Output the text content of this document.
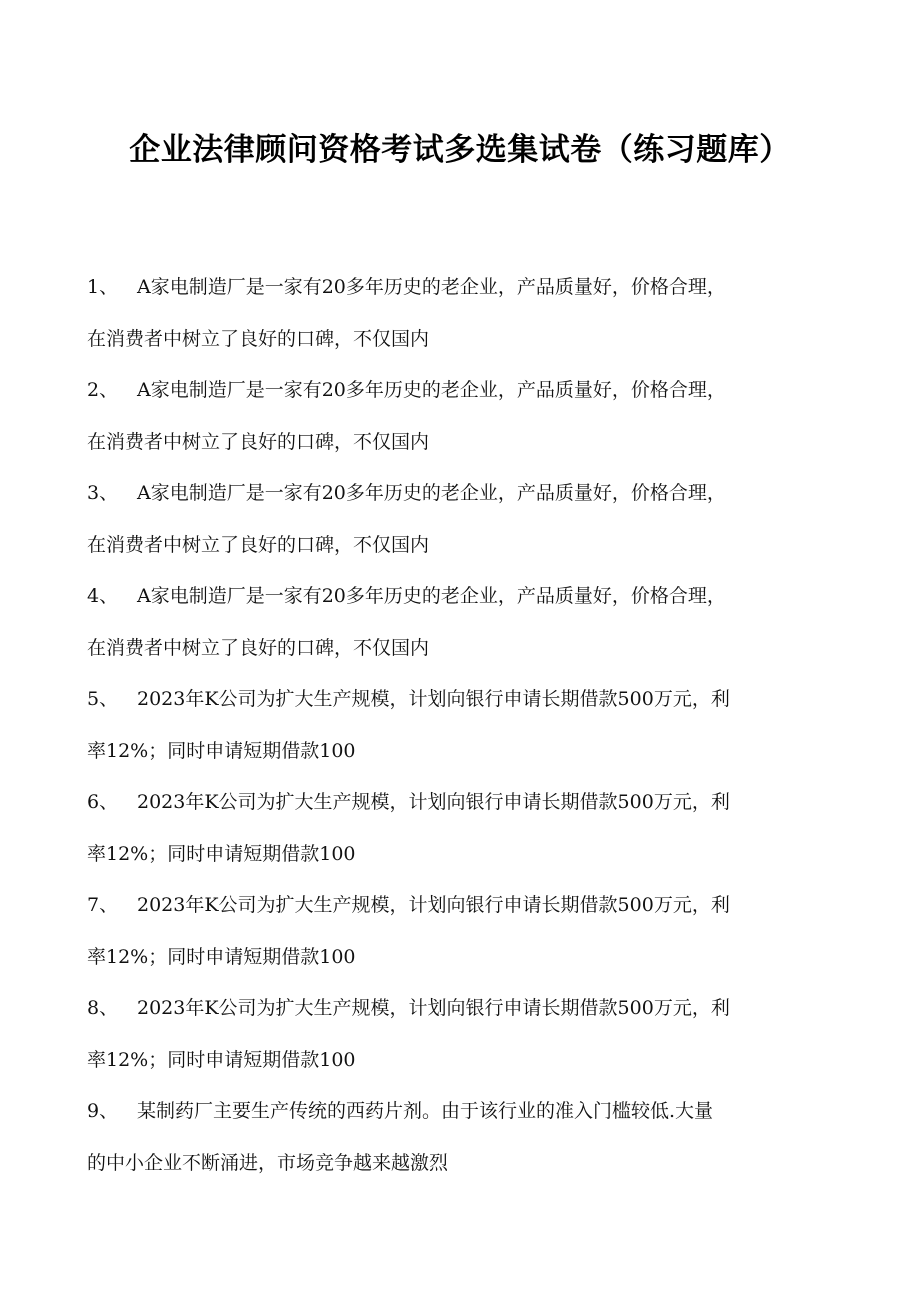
企业法律顾问资格考试多选集试卷（练习题库）
1、 A家电制造厂是一家有20多年历史的老企业，产品质量好，价格合理，
在消费者中树立了良好的口碑，不仅国内
2、 A家电制造厂是一家有20多年历史的老企业，产品质量好，价格合理，
在消费者中树立了良好的口碑，不仅国内
3、 A家电制造厂是一家有20多年历史的老企业，产品质量好，价格合理，
在消费者中树立了良好的口碑，不仅国内
4、 A家电制造厂是一家有20多年历史的老企业，产品质量好，价格合理，
在消费者中树立了良好的口碑，不仅国内
5、 2023年K公司为扩大生产规模，计划向银行申请长期借款500万元，利
率12%；同时申请短期借款100
6、 2023年K公司为扩大生产规模，计划向银行申请长期借款500万元，利
率12%；同时申请短期借款100
7、 2023年K公司为扩大生产规模，计划向银行申请长期借款500万元，利
率12%；同时申请短期借款100
8、 2023年K公司为扩大生产规模，计划向银行申请长期借款500万元，利
率12%；同时申请短期借款100
9、 某制药厂主要生产传统的西药片剂。由于该行业的准入门槛较低.大量
的中小企业不断涌进，市场竞争越来越激烈
